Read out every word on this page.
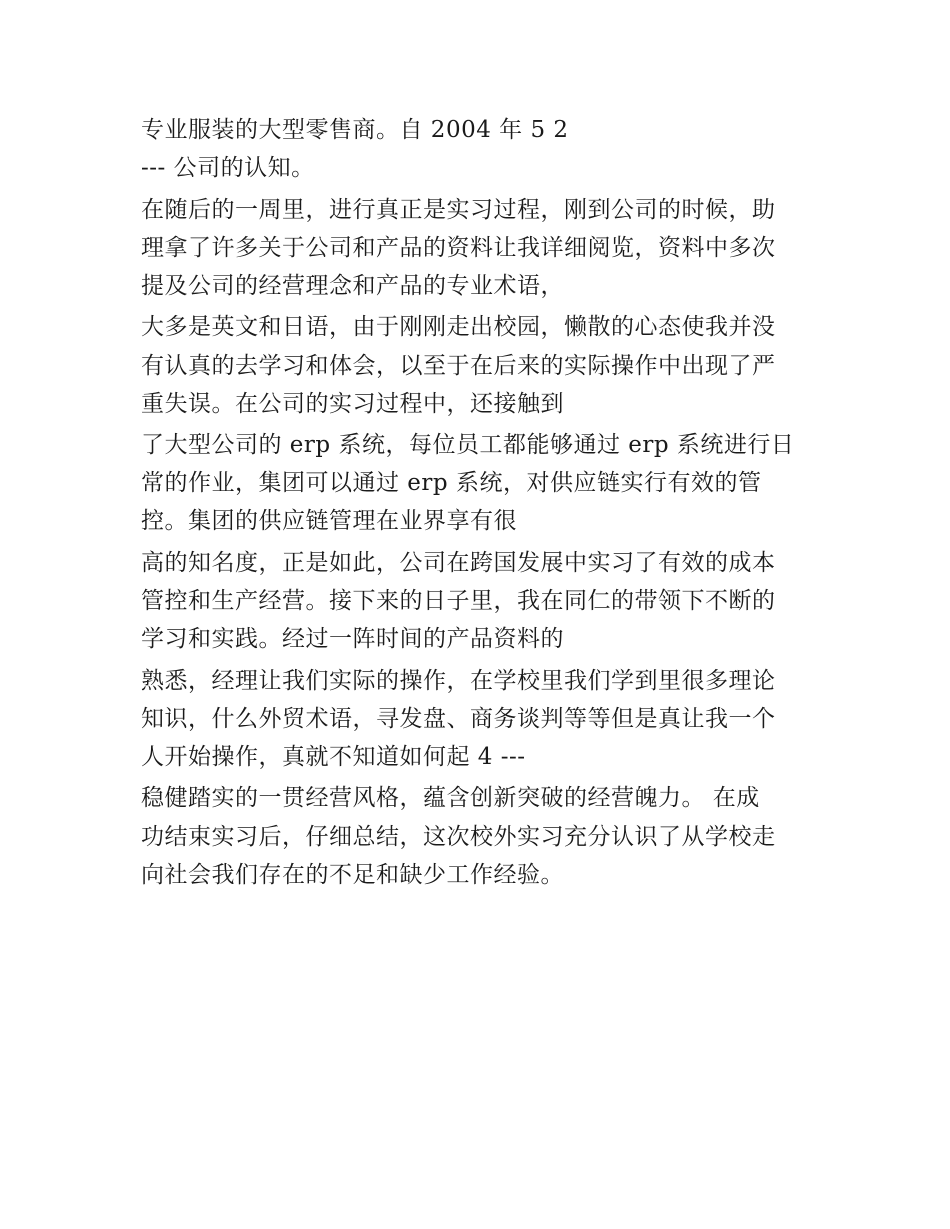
专业服装的大型零售商。自 2004 年 5 2
--- 公司的认知。
在随后的一周里，进行真正是实习过程，刚到公司的时候，助
理拿了许多关于公司和产品的资料让我详细阅览，资料中多次
提及公司的经营理念和产品的专业术语，
大多是英文和日语，由于刚刚走出校园，懒散的心态使我并没
有认真的去学习和体会，以至于在后来的实际操作中出现了严
重失误。在公司的实习过程中，还接触到
了大型公司的 erp 系统，每位员工都能够通过 erp 系统进行日
常的作业，集团可以通过 erp 系统，对供应链实行有效的管
控。集团的供应链管理在业界享有很
高的知名度，正是如此，公司在跨国发展中实习了有效的成本
管控和生产经营。接下来的日子里，我在同仁的带领下不断的
学习和实践。经过一阵时间的产品资料的
熟悉，经理让我们实际的操作，在学校里我们学到里很多理论
知识，什么外贸术语，寻发盘、商务谈判等等但是真让我一个
人开始操作，真就不知道如何起 4 ---
稳健踏实的一贯经营风格，蕴含创新突破的经营魄力。 在成
功结束实习后，仔细总结，这次校外实习充分认识了从学校走
向社会我们存在的不足和缺少工作经验。
